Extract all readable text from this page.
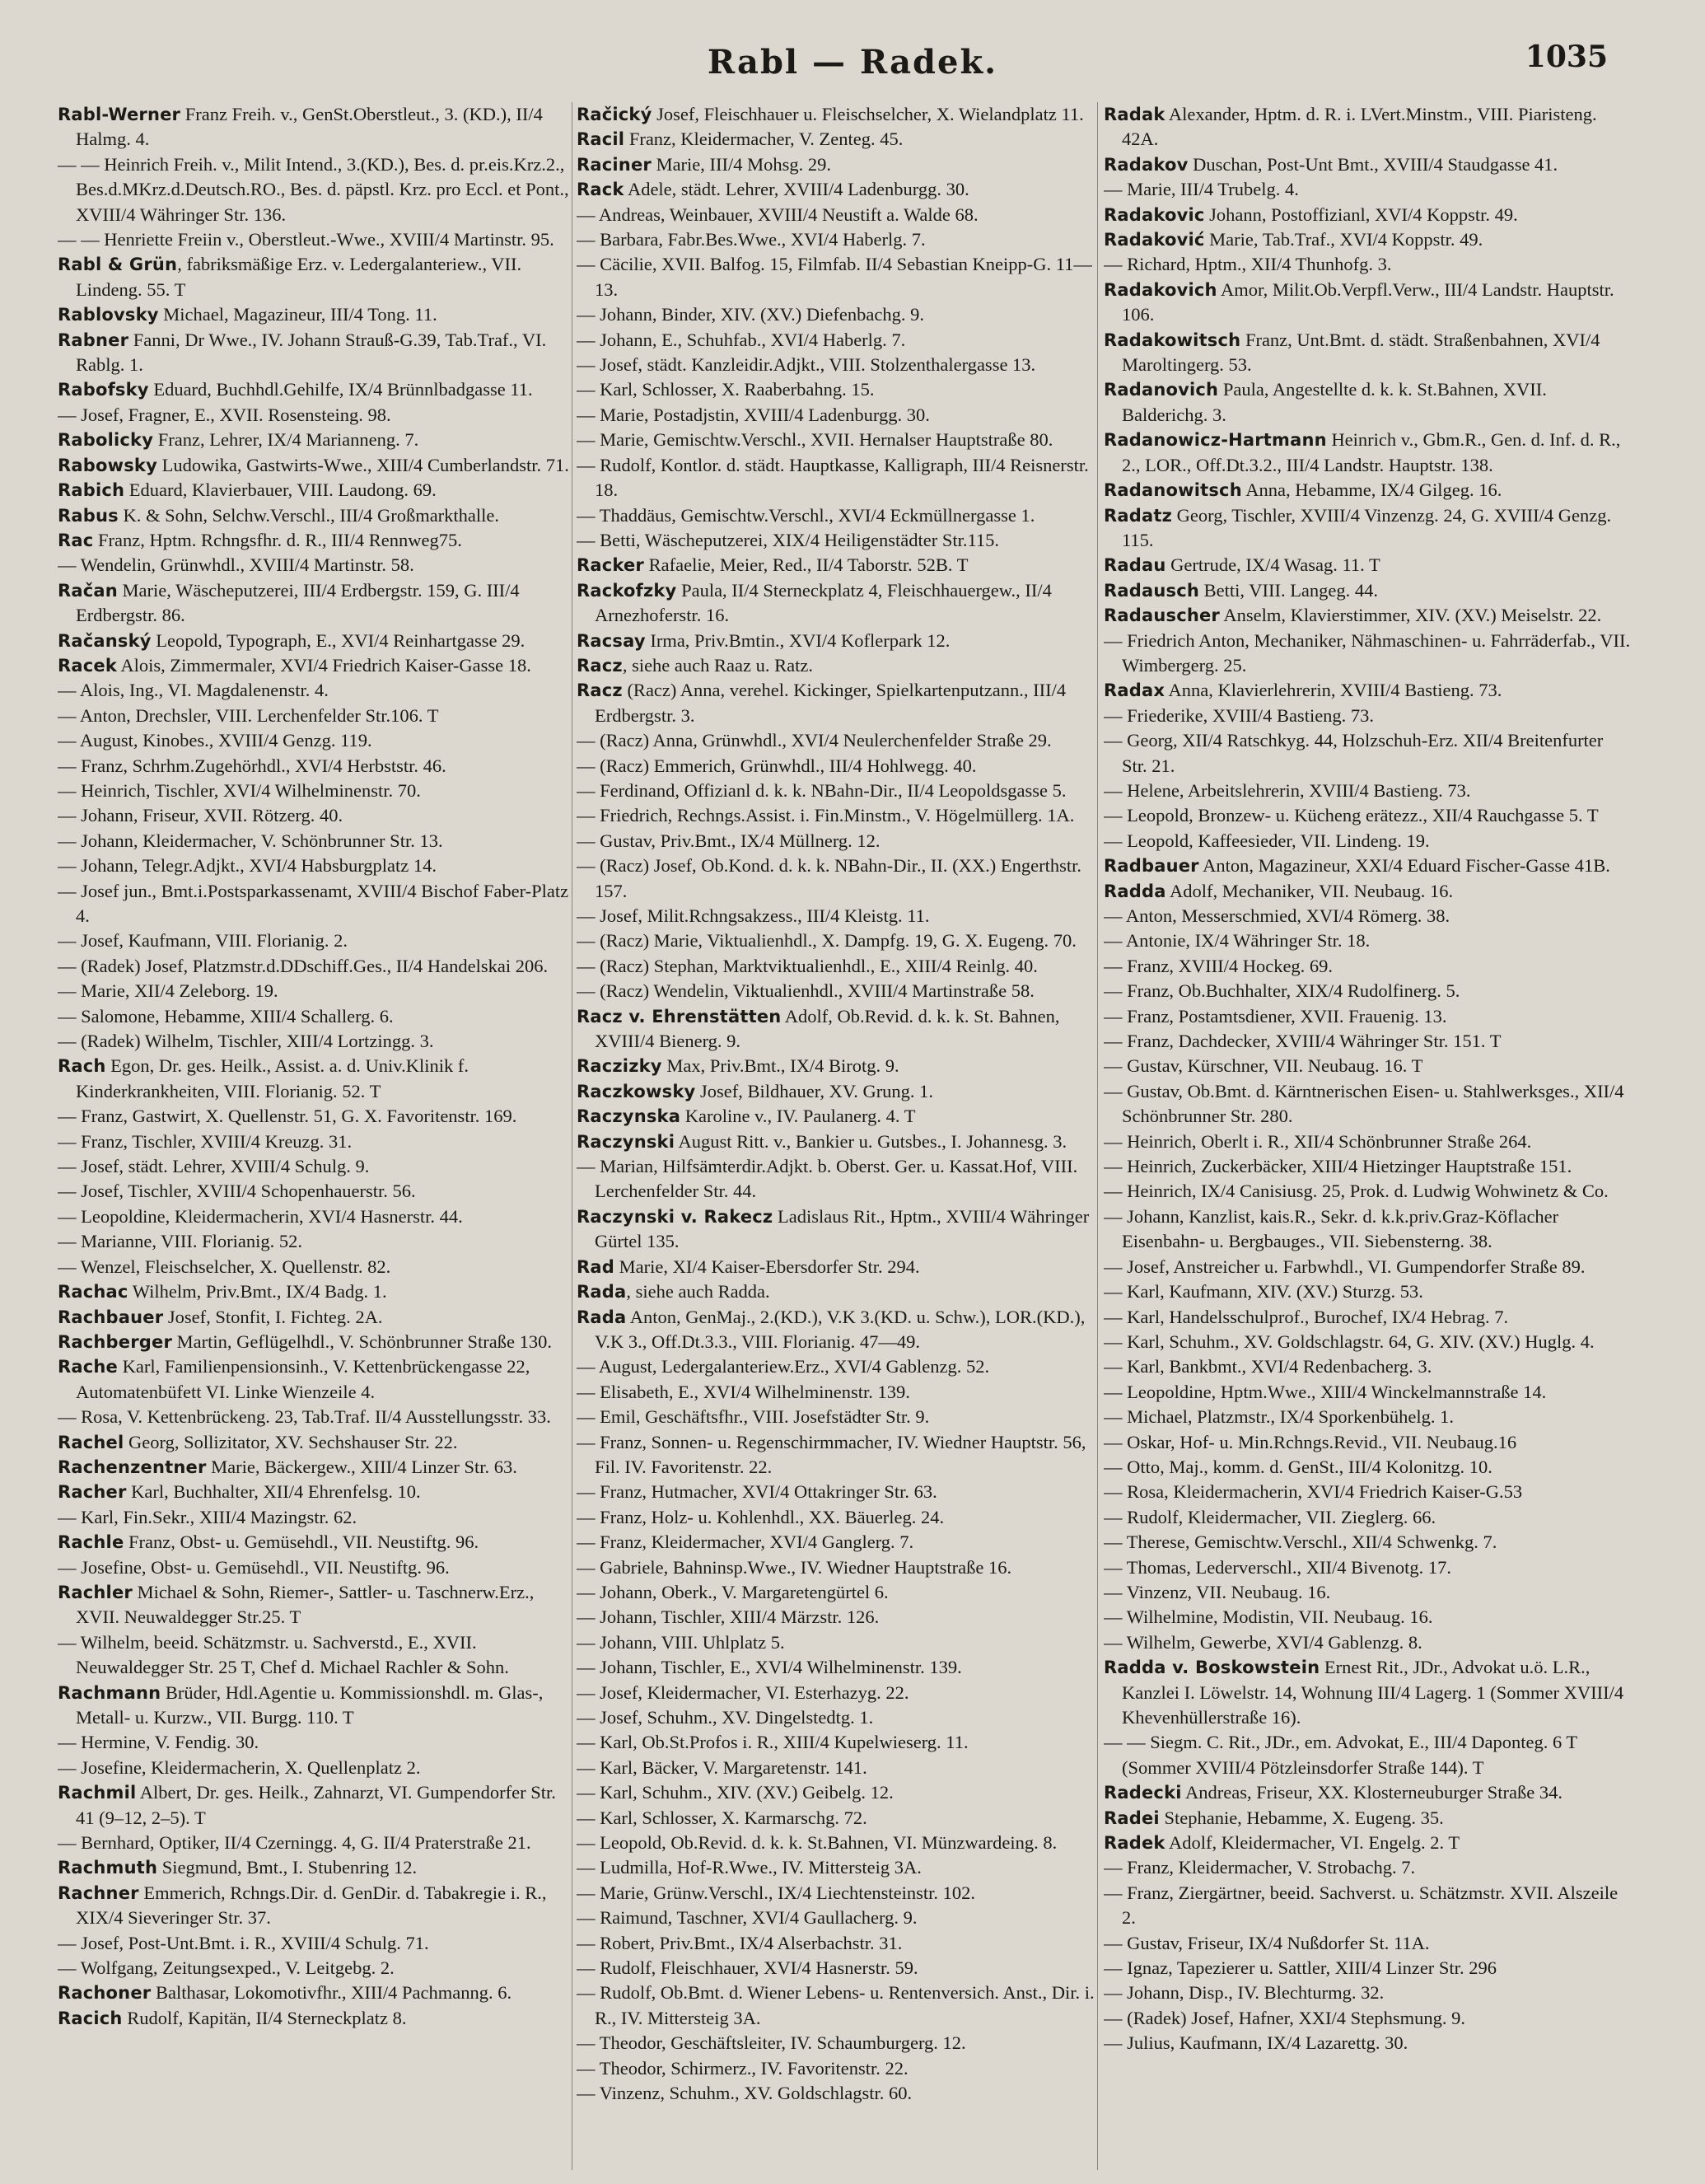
Rabl — Radek.	1035

Rabl-Werner Franz Freih. v., GenSt.Oberstleut., 3. (KD.), II/4 Halmg. 4.

— — Heinrich Freih. v., Milit Intend., 3.(KD.), Bes. d. pr.eis.Krz.2., Bes.d.MKrz.d.Deutsch.RO., Bes. d. päpstl. Krz. pro Eccl. et Pont., XVIII/4 Währinger Str. 136.

— — Henriette Freiin v., Oberstleut.-Wwe., XVIII/4 Martinstr. 95.

Rabl & Grün, fabriksmäßige Erz. v. Ledergalanteriew., VII. Lindeng. 55. T

Rablovsky Michael, Magazineur, III/4 Tong. 11.

Rabner Fanni, Dr Wwe., IV. Johann Strauß-G.39, Tab.Traf., VI. Rablg. 1.

Rabofsky Eduard, Buchhdl.Gehilfe, IX/4 Brünnlbadgasse 11.

— Josef, Fragner, E., XVII. Rosensteing. 98.

Rabolicky Franz, Lehrer, IX/4 Marianneng. 7.

Rabowsky Ludowika, Gastwirts-Wwe., XIII/4 Cumberlandstr. 71.

Rabich Eduard, Klavierbauer, VIII. Laudong. 69.

Rabus K. & Sohn, Selchw.Verschl., III/4 Großmarkthalle.

Rac Franz, Hptm. Rchngsfhr. d. R., III/4 Rennweg75.

— Wendelin, Grünwhdl., XVIII/4 Martinstr. 58.

Račan Marie, Wäscheputzerei, III/4 Erdbergstr. 159, G. III/4 Erdbergstr. 86.

Račanský Leopold, Typograph, E., XVI/4 Reinhartgasse 29.

Racek Alois, Zimmermaler, XVI/4 Friedrich Kaiser-Gasse 18.

— Alois, Ing., VI. Magdalenenstr. 4.

— Anton, Drechsler, VIII. Lerchenfelder Str.106. T

— August, Kinobes., XVIII/4 Genzg. 119.

— Franz, Schrhm.Zugehörhdl., XVI/4 Herbststr. 46.

— Heinrich, Tischler, XVI/4 Wilhelminenstr. 70.

— Johann, Friseur, XVII. Rötzerg. 40.

— Johann, Kleidermacher, V. Schönbrunner Str. 13.

— Johann, Telegr.Adjkt., XVI/4 Habsburgplatz 14.

— Josef jun., Bmt.i.Postsparkassenamt, XVIII/4 Bischof Faber-Platz 4.

— Josef, Kaufmann, VIII. Florianig. 2.

— (Radek) Josef, Platzmstr.d.DDschiff.Ges., II/4 Handelskai 206.

— Marie, XII/4 Zeleborg. 19.

— Salomone, Hebamme, XIII/4 Schallerg. 6.

— (Radek) Wilhelm, Tischler, XIII/4 Lortzingg. 3.

Rach Egon, Dr. ges. Heilk., Assist. a. d. Univ.Klinik f. Kinderkrankheiten, VIII. Florianig. 52. T

— Franz, Gastwirt, X. Quellenstr. 51, G. X. Favoritenstr. 169.

— Franz, Tischler, XVIII/4 Kreuzg. 31.

— Josef, städt. Lehrer, XVIII/4 Schulg. 9.

— Josef, Tischler, XVIII/4 Schopenhauerstr. 56.

— Leopoldine, Kleidermacherin, XVI/4 Hasnerstr. 44.

— Marianne, VIII. Florianig. 52.

— Wenzel, Fleischselcher, X. Quellenstr. 82.

Rachac Wilhelm, Priv.Bmt., IX/4 Badg. 1.

Rachbauer Josef, Stonfit, I. Fichteg. 2A.

Rachberger Martin, Geflügelhdl., V. Schönbrunner Straße 130.

Rache Karl, Familienpensionsinh., V. Kettenbrückengasse 22, Automatenbüfett VI. Linke Wienzeile 4.

— Rosa, V. Kettenbrückeng. 23, Tab.Traf. II/4 Ausstellungsstr. 33.

Rachel Georg, Sollizitator, XV. Sechshauser Str. 22.

Rachenzentner Marie, Bäckergew., XIII/4 Linzer Str. 63.

Racher Karl, Buchhalter, XII/4 Ehrenfelsg. 10.

— Karl, Fin.Sekr., XIII/4 Mazingstr. 62.

Rachle Franz, Obst- u. Gemüsehdl., VII. Neustiftg. 96.

— Josefine, Obst- u. Gemüsehdl., VII. Neustiftg. 96.

Rachler Michael & Sohn, Riemer-, Sattler- u. Taschnerw.Erz., XVII. Neuwaldegger Str.25. T

— Wilhelm, beeid. Schätzmstr. u. Sachverstd., E., XVII. Neuwaldegger Str. 25 T, Chef d. Michael Rachler & Sohn.

Rachmann Brüder, Hdl.Agentie u. Kommissionshdl. m. Glas-, Metall- u. Kurzw., VII. Burgg. 110. T

— Hermine, V. Fendig. 30.

— Josefine, Kleidermacherin, X. Quellenplatz 2.

Rachmil Albert, Dr. ges. Heilk., Zahnarzt, VI. Gumpendorfer Str. 41 (9–12, 2–5). T

— Bernhard, Optiker, II/4 Czerningg. 4, G. II/4 Praterstraße 21.

Rachmuth Siegmund, Bmt., I. Stubenring 12.

Rachner Emmerich, Rchngs.Dir. d. GenDir. d. Tabakregie i. R., XIX/4 Sieveringer Str. 37.

— Josef, Post-Unt.Bmt. i. R., XVIII/4 Schulg. 71.

— Wolfgang, Zeitungsexped., V. Leitgebg. 2.

Rachoner Balthasar, Lokomotivfhr., XIII/4 Pachmanng. 6.

Racich Rudolf, Kapitän, II/4 Sterneckplatz 8.

Račický Josef, Fleischhauer u. Fleischselcher, X. Wielandplatz 11.

Racil Franz, Kleidermacher, V. Zenteg. 45.

Raciner Marie, III/4 Mohsg. 29.

Rack Adele, städt. Lehrer, XVIII/4 Ladenburgg. 30.

— Andreas, Weinbauer, XVIII/4 Neustift a. Walde 68.

— Barbara, Fabr.Bes.Wwe., XVI/4 Haberlg. 7.

— Cäcilie, XVII. Balfog. 15, Filmfab. II/4 Sebastian Kneipp-G. 11—13.

— Johann, Binder, XIV. (XV.) Diefenbachg. 9.

— Johann, E., Schuhfab., XVI/4 Haberlg. 7.

— Josef, städt. Kanzleidir.Adjkt., VIII. Stolzenthalergasse 13.

— Karl, Schlosser, X. Raaberbahng. 15.

— Marie, Postadjstin, XVIII/4 Ladenburgg. 30.

— Marie, Gemischtw.Verschl., XVII. Hernalser Hauptstraße 80.

— Rudolf, Kontlor. d. städt. Hauptkasse, Kalligraph, III/4 Reisnerstr. 18.

— Thaddäus, Gemischtw.Verschl., XVI/4 Eckmüllnergasse 1.

— Betti, Wäscheputzerei, XIX/4 Heiligenstädter Str.115.

Racker Rafaelie, Meier, Red., II/4 Taborstr. 52B. T

Rackofzky Paula, II/4 Sterneckplatz 4, Fleischhauergew., II/4 Arnezhoferstr. 16.

Racsay Irma, Priv.Bmtin., XVI/4 Koflerpark 12.

Racz, siehe auch Raaz u. Ratz.

Racz (Racz) Anna, verehel. Kickinger, Spielkartenputzann., III/4 Erdbergstr. 3.

— (Racz) Anna, Grünwhdl., XVI/4 Neulerchenfelder Straße 29.

— (Racz) Emmerich, Grünwhdl., III/4 Hohlwegg. 40.

— Ferdinand, Offizianl d. k. k. NBahn-Dir., II/4 Leopoldsgasse 5.

— Friedrich, Rechngs.Assist. i. Fin.Minstm., V. Högelmüllerg. 1A.

— Gustav, Priv.Bmt., IX/4 Müllnerg. 12.

— (Racz) Josef, Ob.Kond. d. k. k. NBahn-Dir., II. (XX.) Engerthstr. 157.

— Josef, Milit.Rchngsakzess., III/4 Kleistg. 11.

— (Racz) Marie, Viktualienhdl., X. Dampfg. 19, G. X. Eugeng. 70.

— (Racz) Stephan, Marktviktualienhdl., E., XIII/4 Reinlg. 40.

— (Racz) Wendelin, Viktualienhdl., XVIII/4 Martinstraße 58.

Racz v. Ehrenstätten Adolf, Ob.Revid. d. k. k. St. Bahnen, XVIII/4 Bienerg. 9.

Raczizky Max, Priv.Bmt., IX/4 Birotg. 9.

Raczkowsky Josef, Bildhauer, XV. Grung. 1.

Raczynska Karoline v., IV. Paulanerg. 4. T

Raczynski August Ritt. v., Bankier u. Gutsbes., I. Johannesg. 3.

— Marian, Hilfsämterdir.Adjkt. b. Oberst. Ger. u. Kassat.Hof, VIII. Lerchenfelder Str. 44.

Raczynski v. Rakecz Ladislaus Rit., Hptm., XVIII/4 Währinger Gürtel 135.

Rad Marie, XI/4 Kaiser-Ebersdorfer Str. 294.

Rada, siehe auch Radda.

Rada Anton, GenMaj., 2.(KD.), V.K 3.(KD. u. Schw.), LOR.(KD.), V.K 3., Off.Dt.3.3., VIII. Florianig. 47—49.

— August, Ledergalanteriew.Erz., XVI/4 Gablenzg. 52.

— Elisabeth, E., XVI/4 Wilhelminenstr. 139.

— Emil, Geschäftsfhr., VIII. Josefstädter Str. 9.

— Franz, Sonnen- u. Regenschirmmacher, IV. Wiedner Hauptstr. 56, Fil. IV. Favoritenstr. 22.

— Franz, Hutmacher, XVI/4 Ottakringer Str. 63.

— Franz, Holz- u. Kohlenhdl., XX. Bäuerleg. 24.

— Franz, Kleidermacher, XVI/4 Ganglerg. 7.

— Gabriele, Bahninsp.Wwe., IV. Wiedner Hauptstraße 16.

— Johann, Oberk., V. Margaretengürtel 6.

— Johann, Tischler, XIII/4 Märzstr. 126.

— Johann, VIII. Uhlplatz 5.

— Johann, Tischler, E., XVI/4 Wilhelminenstr. 139.

— Josef, Kleidermacher, VI. Esterhazyg. 22.

— Josef, Schuhm., XV. Dingelstedtg. 1.

— Karl, Ob.St.Profos i. R., XIII/4 Kupelwieserg. 11.

— Karl, Bäcker, V. Margaretenstr. 141.

— Karl, Schuhm., XIV. (XV.) Geibelg. 12.

— Karl, Schlosser, X. Karmarschg. 72.

— Leopold, Ob.Revid. d. k. k. St.Bahnen, VI. Münzwardeing. 8.

— Ludmilla, Hof-R.Wwe., IV. Mittersteig 3A.

— Marie, Grünw.Verschl., IX/4 Liechtensteinstr. 102.

— Raimund, Taschner, XVI/4 Gaullacherg. 9.

— Robert, Priv.Bmt., IX/4 Alserbachstr. 31.

— Rudolf, Fleischhauer, XVI/4 Hasnerstr. 59.

— Rudolf, Ob.Bmt. d. Wiener Lebens- u. Rentenversich. Anst., Dir. i. R., IV. Mittersteig 3A.

— Theodor, Geschäftsleiter, IV. Schaumburgerg. 12.

— Theodor, Schirmerz., IV. Favoritenstr. 22.

— Vinzenz, Schuhm., XV. Goldschlagstr. 60.

Radak Alexander, Hptm. d. R. i. LVert.Minstm., VIII. Piaristeng. 42A.

Radakov Duschan, Post-Unt Bmt., XVIII/4 Staudgasse 41.

— Marie, III/4 Trubelg. 4.

Radakovic Johann, Postoffizianl, XVI/4 Koppstr. 49.

Radaković Marie, Tab.Traf., XVI/4 Koppstr. 49.

— Richard, Hptm., XII/4 Thunhofg. 3.

Radakovich Amor, Milit.Ob.Verpfl.Verw., III/4 Landstr. Hauptstr. 106.

Radakowitsch Franz, Unt.Bmt. d. städt. Straßenbahnen, XVI/4 Maroltingerg. 53.

Radanovich Paula, Angestellte d. k. k. St.Bahnen, XVII. Balderichg. 3.

Radanowicz-Hartmann Heinrich v., Gbm.R., Gen. d. Inf. d. R., 2., LOR., Off.Dt.3.2., III/4 Landstr. Hauptstr. 138.

Radanowitsch Anna, Hebamme, IX/4 Gilgeg. 16.

Radatz Georg, Tischler, XVIII/4 Vinzenzg. 24, G. XVIII/4 Genzg. 115.

Radau Gertrude, IX/4 Wasag. 11. T

Radausch Betti, VIII. Langeg. 44.

Radauscher Anselm, Klavierstimmer, XIV. (XV.) Meiselstr. 22.

— Friedrich Anton, Mechaniker, Nähmaschinen- u. Fahrräderfab., VII. Wimbergerg. 25.

Radax Anna, Klavierlehrerin, XVIII/4 Bastieng. 73.

— Friederike, XVIII/4 Bastieng. 73.

— Georg, XII/4 Ratschkyg. 44, Holzschuh-Erz. XII/4 Breitenfurter Str. 21.

— Helene, Arbeitslehrerin, XVIII/4 Bastieng. 73.

— Leopold, Bronzew- u. Kücheng erätezz., XII/4 Rauchgasse 5. T

— Leopold, Kaffeesieder, VII. Lindeng. 19.

Radbauer Anton, Magazineur, XXI/4 Eduard Fischer-Gasse 41B.

Radda Adolf, Mechaniker, VII. Neubaug. 16.

— Anton, Messerschmied, XVI/4 Römerg. 38.

— Antonie, IX/4 Währinger Str. 18.

— Franz, XVIII/4 Hockeg. 69.

— Franz, Ob.Buchhalter, XIX/4 Rudolfinerg. 5.

— Franz, Postamtsdiener, XVII. Frauenig. 13.

— Franz, Dachdecker, XVIII/4 Währinger Str. 151. T

— Gustav, Kürschner, VII. Neubaug. 16. T

— Gustav, Ob.Bmt. d. Kärntnerischen Eisen- u. Stahlwerksges., XII/4 Schönbrunner Str. 280.

— Heinrich, Oberlt i. R., XII/4 Schönbrunner Straße 264.

— Heinrich, Zuckerbäcker, XIII/4 Hietzinger Hauptstraße 151.

— Heinrich, IX/4 Canisiusg. 25, Prok. d. Ludwig Wohwinetz & Co.

— Johann, Kanzlist, kais.R., Sekr. d. k.k.priv.Graz-Köflacher Eisenbahn- u. Bergbauges., VII. Siebensterng. 38.

— Josef, Anstreicher u. Farbwhdl., VI. Gumpendorfer Straße 89.

— Karl, Kaufmann, XIV. (XV.) Sturzg. 53.

— Karl, Handelsschulprof., Burochef, IX/4 Hebrag. 7.

— Karl, Schuhm., XV. Goldschlagstr. 64, G. XIV. (XV.) Huglg. 4.

— Karl, Bankbmt., XVI/4 Redenbacherg. 3.

— Leopoldine, Hptm.Wwe., XIII/4 Winckelmannstraße 14.

— Michael, Platzmstr., IX/4 Sporkenbühelg. 1.

— Oskar, Hof- u. Min.Rchngs.Revid., VII. Neubaug.16

— Otto, Maj., komm. d. GenSt., III/4 Kolonitzg. 10.

— Rosa, Kleidermacherin, XVI/4 Friedrich Kaiser-G.53

— Rudolf, Kleidermacher, VII. Zieglerg. 66.

— Therese, Gemischtw.Verschl., XII/4 Schwenkg. 7.

— Thomas, Lederverschl., XII/4 Bivenotg. 17.

— Vinzenz, VII. Neubaug. 16.

— Wilhelmine, Modistin, VII. Neubaug. 16.

— Wilhelm, Gewerbe, XVI/4 Gablenzg. 8.

Radda v. Boskowstein Ernest Rit., JDr., Advokat u.ö. L.R., Kanzlei I. Löwelstr. 14, Wohnung III/4 Lagerg. 1 (Sommer XVIII/4 Khevenhüllerstraße 16).

— — Siegm. C. Rit., JDr., em. Advokat, E., III/4 Daponteg. 6 T (Sommer XVIII/4 Pötzleinsdorfer Straße 144). T

Radecki Andreas, Friseur, XX. Klosterneuburger Straße 34.

Radei Stephanie, Hebamme, X. Eugeng. 35.

Radek Adolf, Kleidermacher, VI. Engelg. 2. T

— Franz, Kleidermacher, V. Strobachg. 7.

— Franz, Ziergärtner, beeid. Sachverst. u. Schätzmstr. XVII. Alszeile 2.

— Gustav, Friseur, IX/4 Nußdorfer St. 11A.

— Ignaz, Tapezierer u. Sattler, XIII/4 Linzer Str. 296

— Johann, Disp., IV. Blechturmg. 32.

— (Radek) Josef, Hafner, XXI/4 Stephsmung. 9.

— Julius, Kaufmann, IX/4 Lazarettg. 30.
